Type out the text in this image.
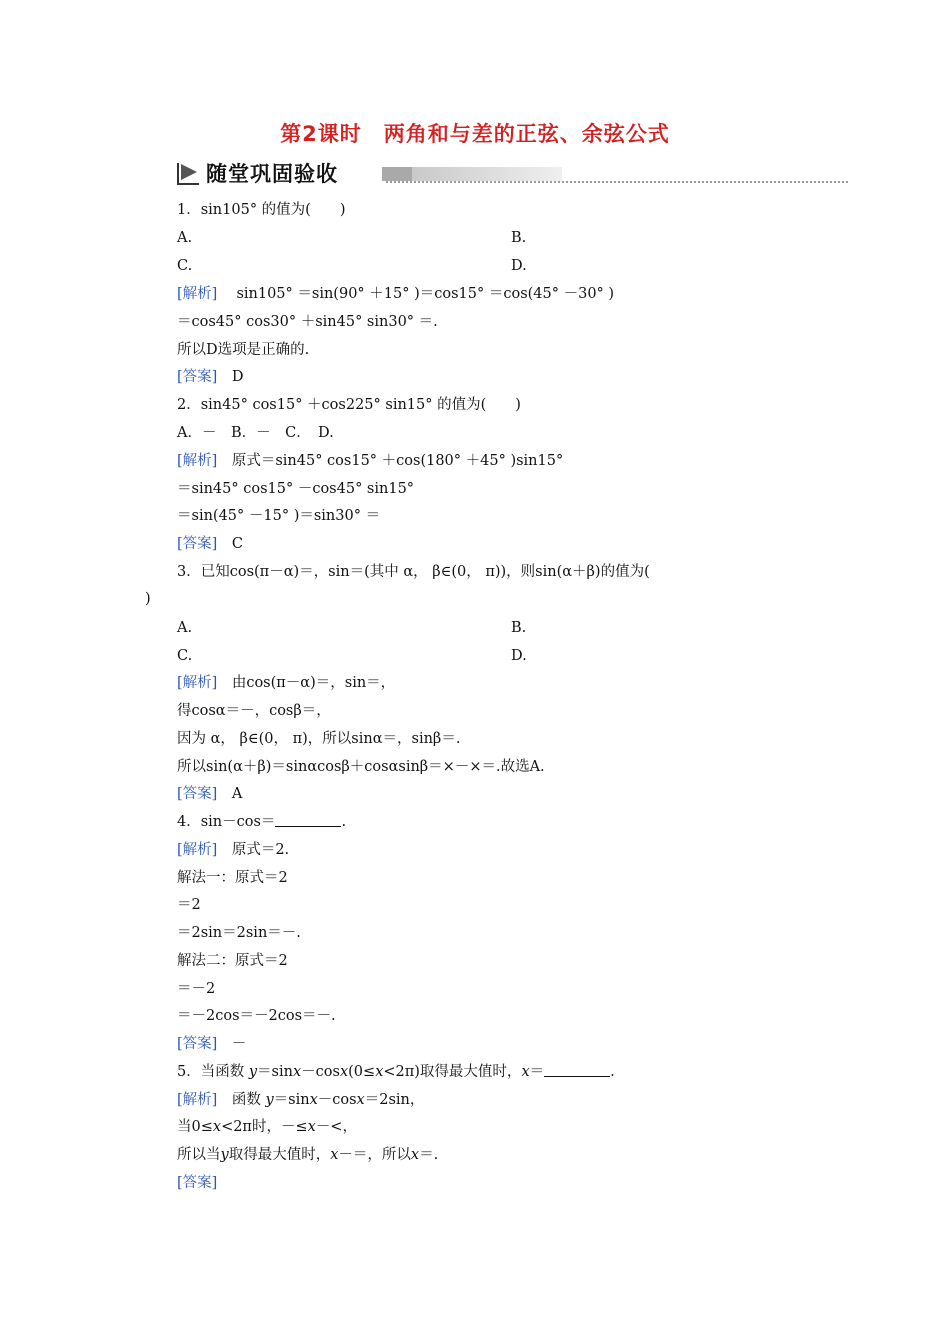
第2课时　两角和与差的正弦、余弦公式
随堂巩固验收
1．sin105° 的值为(　　)
A.	B.
C.	D.
[解析]　 sin105° ＝sin(90° ＋15° )＝cos15° ＝cos(45° －30° )
＝cos45° cos30° ＋sin45° sin30° ＝.
所以D选项是正确的.
[答案]　 D
2．sin45° cos15° ＋cos225° sin15° 的值为(　　)
A．－　B．－　C．　D.
[解析]　 原式＝sin45° cos15° ＋cos(180° ＋45° )sin15°
＝sin45° cos15° －cos45° sin15°
＝sin(45° －15° )＝sin30° ＝
[答案]　 C
3．已知cos(π－α)＝，sin＝(其中 α， β∈(0， π))，则sin(α＋β)的值为(
)
A.	B.
C.	D.
[解析]　 由cos(π－α)＝，sin＝，
得cosα＝－，cosβ＝，
因为 α， β∈(0， π)，所以sinα＝，sinβ＝.
所以sin(α＋β)＝sinαcosβ＋cosαsinβ＝×－×＝.故选A.
[答案]　 A
4．sin－cos＝	.
[解析]　 原式＝2.
解法一：原式＝2
＝2
＝2sin＝2sin＝－.
解法二：原式＝2
＝－2
＝－2cos＝－2cos＝－.
[答案]　 －
5．当函数 y＝sinx－cosx(0≤x<2π)取得最大值时，x＝	.
[解析]　 函数 y＝sinx－cosx＝2sin，
当0≤x<2π时，－≤x－<，
所以当y取得最大值时，x－＝，所以x＝.
[答案]
